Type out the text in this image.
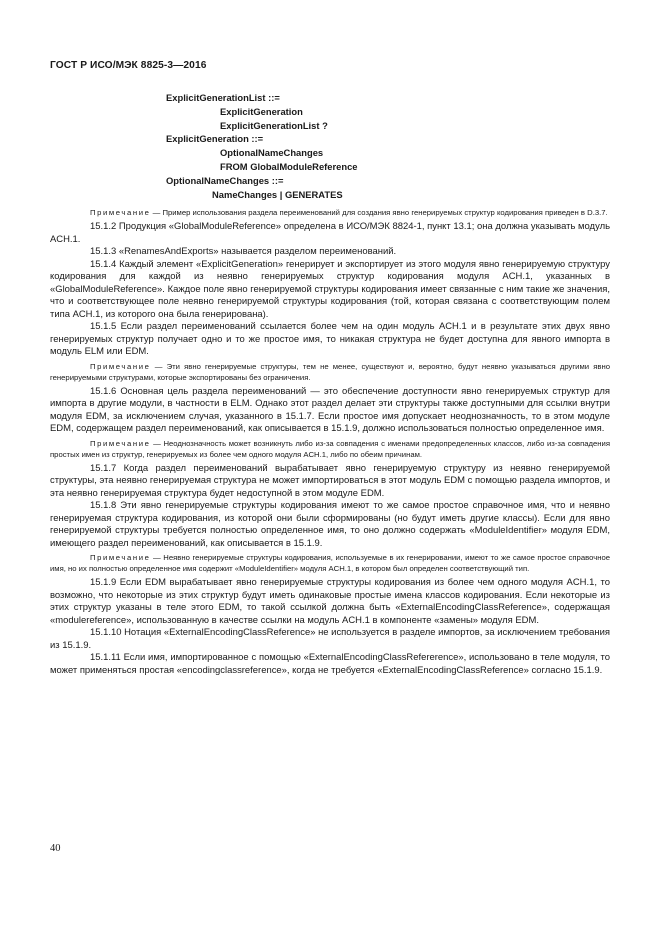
ГОСТ Р ИСО/МЭК 8825-3—2016
ExplicitGenerationList ::=
ExplicitGeneration
ExplicitGenerationList ?
ExplicitGeneration ::=
OptionalNameChanges
FROM GlobalModuleReference
OptionalNameChanges ::=
NameChanges | GENERATES

Примечание — Пример использования раздела переименований для создания явно генерируемых структур кодирования приведен в D.3.7.

15.1.2 Продукция «GlobalModuleReference» определена в ИСО/МЭК 8824-1, пункт 13.1; она должна указывать модуль ACH.1.

15.1.3 «RenamesAndExports» называется разделом переименований.

15.1.4 Каждый элемент «ExplicitGeneration» генерирует и экспортирует из этого модуля явно генерируемую структуру кодирования для каждой из неявно генерируемых структур кодирования модуля ACH.1, указанных в «GlobalModuleReference». Каждое поле явно генерируемой структуры кодирования имеет связанные с ним такие же значения, что и соответствующее поле неявно генерируемой структуры кодирования (той, которая связана с соответствующим полем типа ACH.1, из которого она была генерирована).

15.1.5 Если раздел переименований ссылается более чем на один модуль ACH.1 и в результате этих двух явно генерируемых структур получает одно и то же простое имя, то никакая структура не будет доступна для явного импорта в модуль ELM или EDM.

Примечание — Эти явно генерируемые структуры, тем не менее, существуют и, вероятно, будут неявно указываться другими явно генерируемыми структурами, которые экспортированы без ограничения.

15.1.6 Основная цель раздела переименований — это обеспечение доступности явно генерируемых структур для импорта в другие модули, в частности в ELM. Однако этот раздел делает эти структуры также доступными для ссылки внутри модуля EDM, за исключением случая, указанного в 15.1.7. Если простое имя допускает неоднозначность, то в этом модуле EDM, содержащем раздел переименований, как описывается в 15.1.9, должно использоваться полностью определенное имя.

Примечание — Неоднозначность может возникнуть либо из-за совпадения с именами предопределенных классов, либо из-за совпадения простых имен из структур, генерируемых из более чем одного модуля ACH.1, либо по обеим причинам.

15.1.7 Когда раздел переименований вырабатывает явно генерируемую структуру из неявно генерируемой структуры, эта неявно генерируемая структура не может импортироваться в этот модуль EDM с помощью раздела импортов, и эта неявно генерируемая структура будет недоступной в этом модуле EDM.

15.1.8 Эти явно генерируемые структуры кодирования имеют то же самое простое справочное имя, что и неявно генерируемая структура кодирования, из которой они были сформированы (но будут иметь другие классы). Если для явно генерируемой структуры требуется полностью определенное имя, то оно должно содержать «ModuleIdentifier» модуля EDM, имеющего раздел переименований, как описывается в 15.1.9.

Примечание — Неявно генерируемые структуры кодирования, используемые в их генерировании, имеют то же самое простое справочное имя, но их полностью определенное имя содержит «ModuleIdentifier» модуля ACH.1, в котором был определен соответствующий тип.

15.1.9 Если EDM вырабатывает явно генерируемые структуры кодирования из более чем одного модуля ACH.1, то возможно, что некоторые из этих структур будут иметь одинаковые простые имена классов кодирования. Если некоторые из этих структур указаны в теле этого EDM, то такой ссылкой должна быть «ExternalEncodingClassReference», содержащая «modulereference», использованную в качестве ссылки на модуль ACH.1 в компоненте «замены» модуля EDM.

15.1.10 Нотация «ExternalEncodingClassReference» не используется в разделе импортов, за исключением требования из 15.1.9.

15.1.11 Если имя, импортированное с помощью «ExternalEncodingClassRefererence», использовано в теле модуля, то может применяться простая «encodingclassreference», когда не требуется «ExternalEncodingClassReference» согласно 15.1.9.

40
